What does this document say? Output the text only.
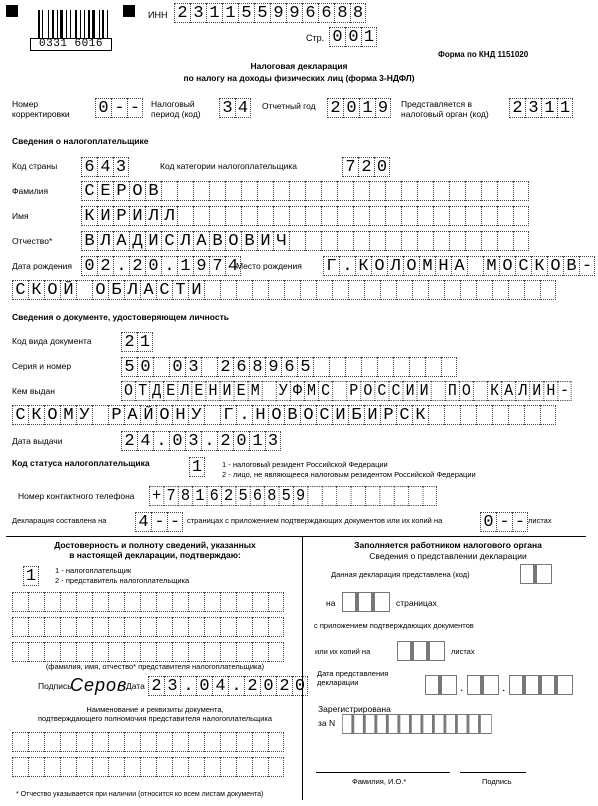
0331 6016
ИНН 2 3 1 1 5 5 9 9 6 6 8 8
Стр. 0 0 1
Форма по КНД 1151020
Налоговая декларация
по налогу на доходы физических лиц (форма 3-НДФЛ)
Номер
корректировки 0 - -	Налоговый
период (код) 3 4	Отчетный год 2 0 1 9	Представляется в
налоговый орган (код) 2 3 1 1
Сведения о налогоплательщике
Код страны 6 4 3	Код категории налогоплательщика	7 2 0
Фамилия С Е Р О В
Имя	К И Р И Л Л
Отчество* В Л А Д И С Л А В О В И Ч
Дата рождения 0 2 . 2 0 . 1 9 7 4
Место рождения Г . К О Л О М Н А М О С К О В -
С К О Й О Б Л А С Т И
Сведения о документе, удостоверяющем личность
Код вида документа 2 1
Серия и номер	5 0 0 3 2 6 8 9 6 5
Кем выдан	О Т Д Е Л Е Н И Е М У Ф М С Р О С С И И П О К А Л И Н -
С К О М У Р А Й О Н У Г . Н О В О С И Б И Р С К
Дата выдачи	2 4 . 0 3 . 2 0 1 3
Код статуса налогоплательщика 1	1 - налоговый резидент Российской Федерации
2 - лицо, не являющееся налоговым резидентом Российской Федерации
Номер контактного телефона + 7 8 1 6 2 5 6 8 5 9
Декларация составлена на 4 - - страницах с приложением подтверждающих документов или их копий на 0 - - листах
Достоверность и полноту сведений, указанных
в настоящей декларации, подтверждаю:
1	1 - налогоплательщик
2 - представитель налогоплательщика
(фамилия, имя, отчество* представителя налогоплательщика)
Подпись
Серов
Дата 2 3 . 0 4 . 2 0 2 0
Наименование и реквизиты документа,
подтверждающего полномочия представителя налогоплательщика
* Отчество указывается при наличии (относится ко всем листам документа)
Заполняется работником налогового органа
Сведения о представлении декларации
Данная декларация представлена (код)
на	страницах
с приложением подтверждающих документов
или их копий на	листах
Дата представления
декларации	.	.
Зарегистрирована
за N
Фамилия, И.О.*	Подпись
